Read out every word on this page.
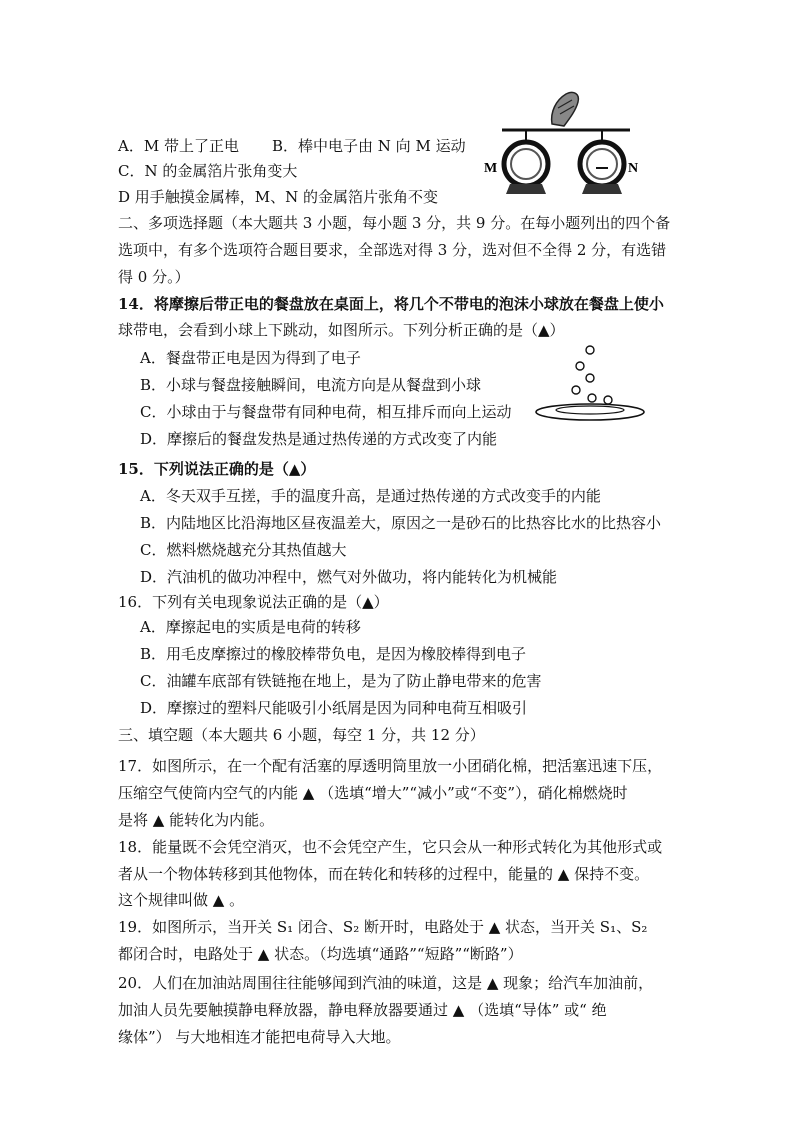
A．M 带上了正电 B．棒中电子由 N 向 M 运动
C．N 的金属箔片张角变大
D 用手触摸金属棒，M、N 的金属箔片张角不变
M	N
二、多项选择题（本大题共 3 小题，每小题 3 分，共 9 分。在每小题列出的四个备
选项中，有多个选项符合题目要求，全部选对得 3 分，选对但不全得 2 分，有选错
得 0 分。）
14．将摩擦后带正电的餐盘放在桌面上，将几个不带电的泡沫小球放在餐盘上使小
球带电，会看到小球上下跳动，如图所示。下列分析正确的是（▲）
A．餐盘带正电是因为得到了电子
B．小球与餐盘接触瞬间，电流方向是从餐盘到小球
C．小球由于与餐盘带有同种电荷，相互排斥而向上运动
D．摩擦后的餐盘发热是通过热传递的方式改变了内能
15．下列说法正确的是（▲）
A．冬天双手互搓，手的温度升高，是通过热传递的方式改变手的内能
B．内陆地区比沿海地区昼夜温差大，原因之一是砂石的比热容比水的比热容小
C．燃料燃烧越充分其热值越大
D．汽油机的做功冲程中，燃气对外做功，将内能转化为机械能
16．下列有关电现象说法正确的是（▲）
A．摩擦起电的实质是电荷的转移
B．用毛皮摩擦过的橡胶棒带负电，是因为橡胶棒得到电子
C．油罐车底部有铁链拖在地上，是为了防止静电带来的危害
D．摩擦过的塑料尺能吸引小纸屑是因为同种电荷互相吸引
三、填空题（本大题共 6 小题，每空 1 分，共 12 分）
17．如图所示，在一个配有活塞的厚透明筒里放一小团硝化棉，把活塞迅速下压，
压缩空气使筒内空气的内能 ▲ （选填“增大”“减小”或“不变”），硝化棉燃烧时
是将 ▲ 能转化为内能。
18．能量既不会凭空消灭，也不会凭空产生，它只会从一种形式转化为其他形式或
者从一个物体转移到其他物体，而在转化和转移的过程中，能量的 ▲ 保持不变。
这个规律叫做 ▲ 。
19．如图所示，当开关 S₁ 闭合、S₂ 断开时，电路处于 ▲ 状态，当开关 S₁、S₂
都闭合时，电路处于 ▲ 状态。（均选填“通路”“短路”“断路”）
20．人们在加油站周围往往能够闻到汽油的味道，这是 ▲ 现象；给汽车加油前，
加油人员先要触摸静电释放器，静电释放器要通过 ▲ （选填“导体” 或“ 绝
缘体”） 与大地相连才能把电荷导入大地。
